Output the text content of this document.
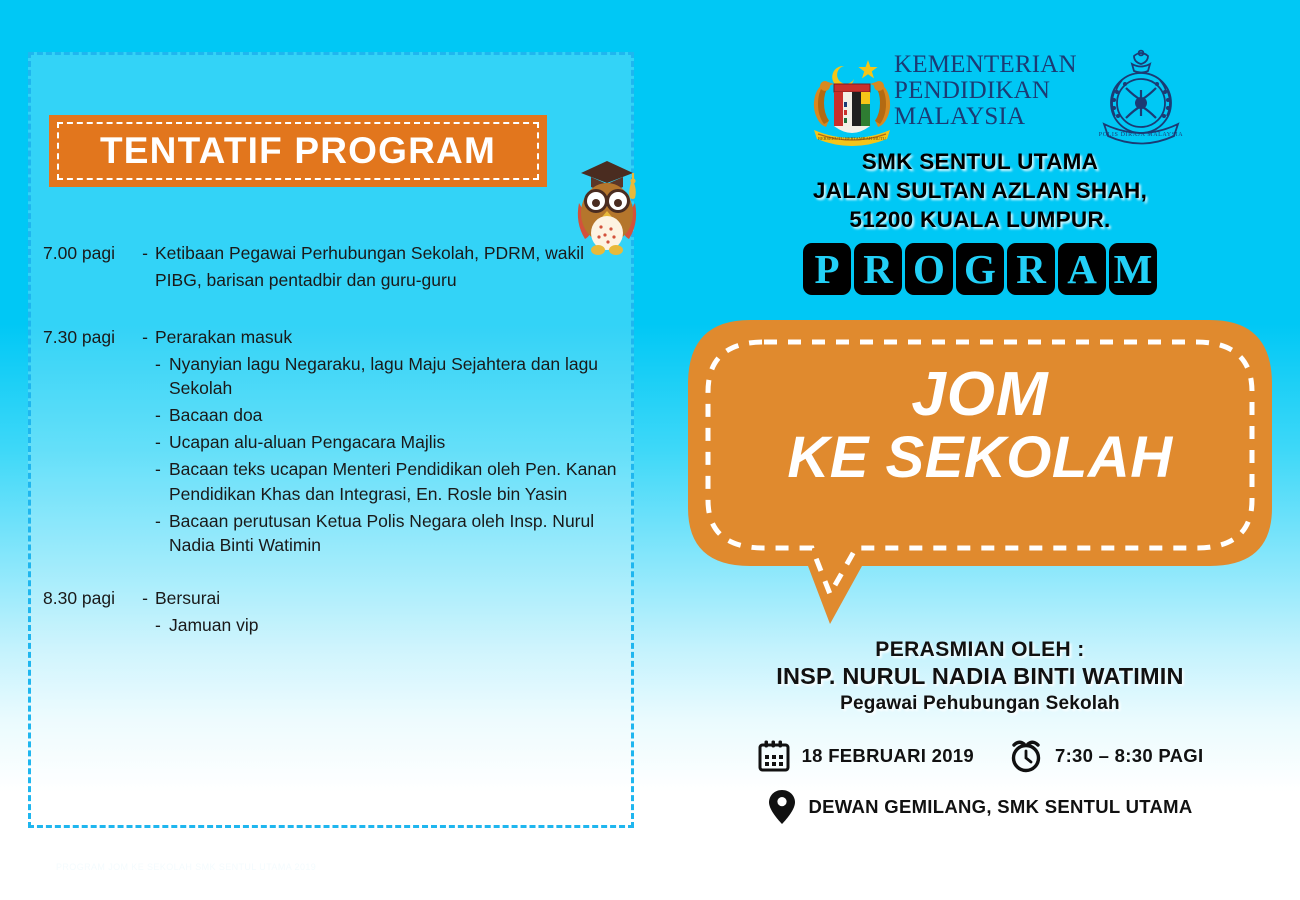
TENTATIF PROGRAM
7.00 pagi	- Ketibaan Pegawai Perhubungan Sekolah, PDRM, wakil
PIBG, barisan pentadbir dan guru-guru
7.30 pagi	- Perarakan masuk
- Nyanyian lagu Negaraku, lagu Maju Sejahtera dan lagu Sekolah
- Bacaan doa
- Ucapan alu-aluan Pengacara Majlis
- Bacaan teks ucapan Menteri Pendidikan oleh Pen. Kanan Pendidikan Khas dan Integrasi, En. Rosle bin Yasin
- Bacaan perutusan Ketua Polis Negara oleh Insp. Nurul Nadia Binti Watimin
8.30 pagi	- Bersurai
- Jamuan vip
PROGRAM JOM KE SEKOLAH SMK SENTUL UTAMA 2019
BERSEKUTU BERTAMBAH MUTU
KEMENTERIAN
PENDIDIKAN
MALAYSIA
POLIS DIRAJA MALAYSIA
SMK SENTUL UTAMA
JALAN SULTAN AZLAN SHAH,
51200 KUALA LUMPUR.
P R O G R A M
JOM
KE SEKOLAH
PERASMIAN OLEH :
INSP. NURUL NADIA BINTI WATIMIN
Pegawai Pehubungan Sekolah
18 FEBRUARI 2019	7:30 – 8:30 PAGI
DEWAN GEMILANG, SMK SENTUL UTAMA
